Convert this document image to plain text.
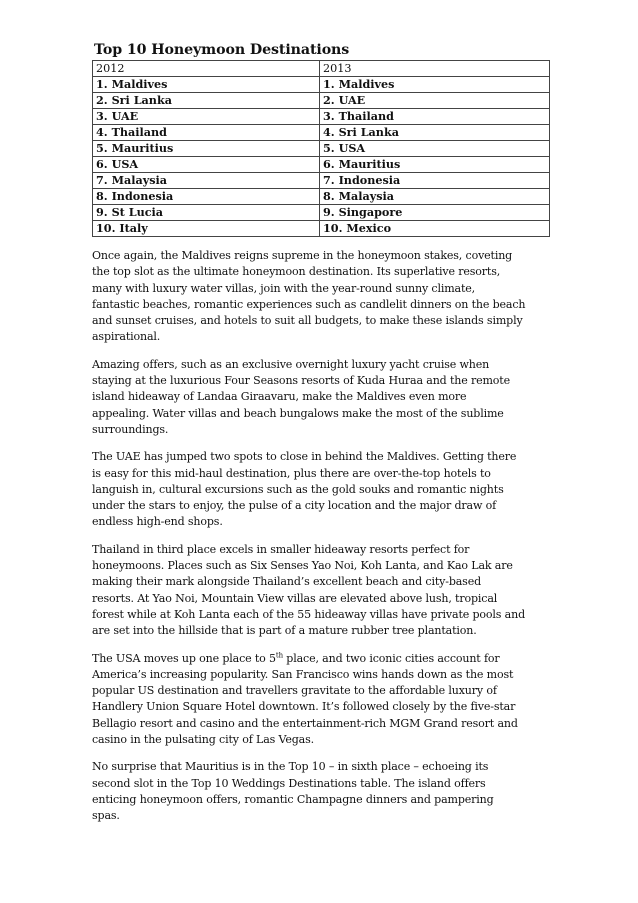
Top 10 Honeymoon Destinations
2012	2013
1. Maldives	1. Maldives
2. Sri Lanka	2. UAE
3. UAE	3. Thailand
4. Thailand	4. Sri Lanka
5. Mauritius	5. USA
6. USA	6. Mauritius
7. Malaysia	7. Indonesia
8. Indonesia	8. Malaysia
9. St Lucia	9. Singapore
10. Italy	10. Mexico

Once again, the Maldives reigns supreme in the honeymoon stakes, coveting
the top slot as the ultimate honeymoon destination. Its superlative resorts,
many with luxury water villas, join with the year-round sunny climate,
fantastic beaches, romantic experiences such as candlelit dinners on the beach
and sunset cruises, and hotels to suit all budgets, to make these islands simply
aspirational.

Amazing offers, such as an exclusive overnight luxury yacht cruise when
staying at the luxurious Four Seasons resorts of Kuda Huraa and the remote
island hideaway of Landaa Giraavaru, make the Maldives even more
appealing. Water villas and beach bungalows make the most of the sublime
surroundings.

The UAE has jumped two spots to close in behind the Maldives. Getting there
is easy for this mid-haul destination, plus there are over-the-top hotels to
languish in, cultural excursions such as the gold souks and romantic nights
under the stars to enjoy, the pulse of a city location and the major draw of
endless high-end shops.

Thailand in third place excels in smaller hideaway resorts perfect for
honeymoons. Places such as Six Senses Yao Noi, Koh Lanta, and Kao Lak are
making their mark alongside Thailand’s excellent beach and city-based
resorts. At Yao Noi, Mountain View villas are elevated above lush, tropical
forest while at Koh Lanta each of the 55 hideaway villas have private pools and
are set into the hillside that is part of a mature rubber tree plantation.

The USA moves up one place to 5th place, and two iconic cities account for
America’s increasing popularity. San Francisco wins hands down as the most
popular US destination and travellers gravitate to the affordable luxury of
Handlery Union Square Hotel downtown. It’s followed closely by the five-star
Bellagio resort and casino and the entertainment-rich MGM Grand resort and
casino in the pulsating city of Las Vegas.

No surprise that Mauritius is in the Top 10 – in sixth place – echoeing its
second slot in the Top 10 Weddings Destinations table. The island offers
enticing honeymoon offers, romantic Champagne dinners and pampering
spas.
